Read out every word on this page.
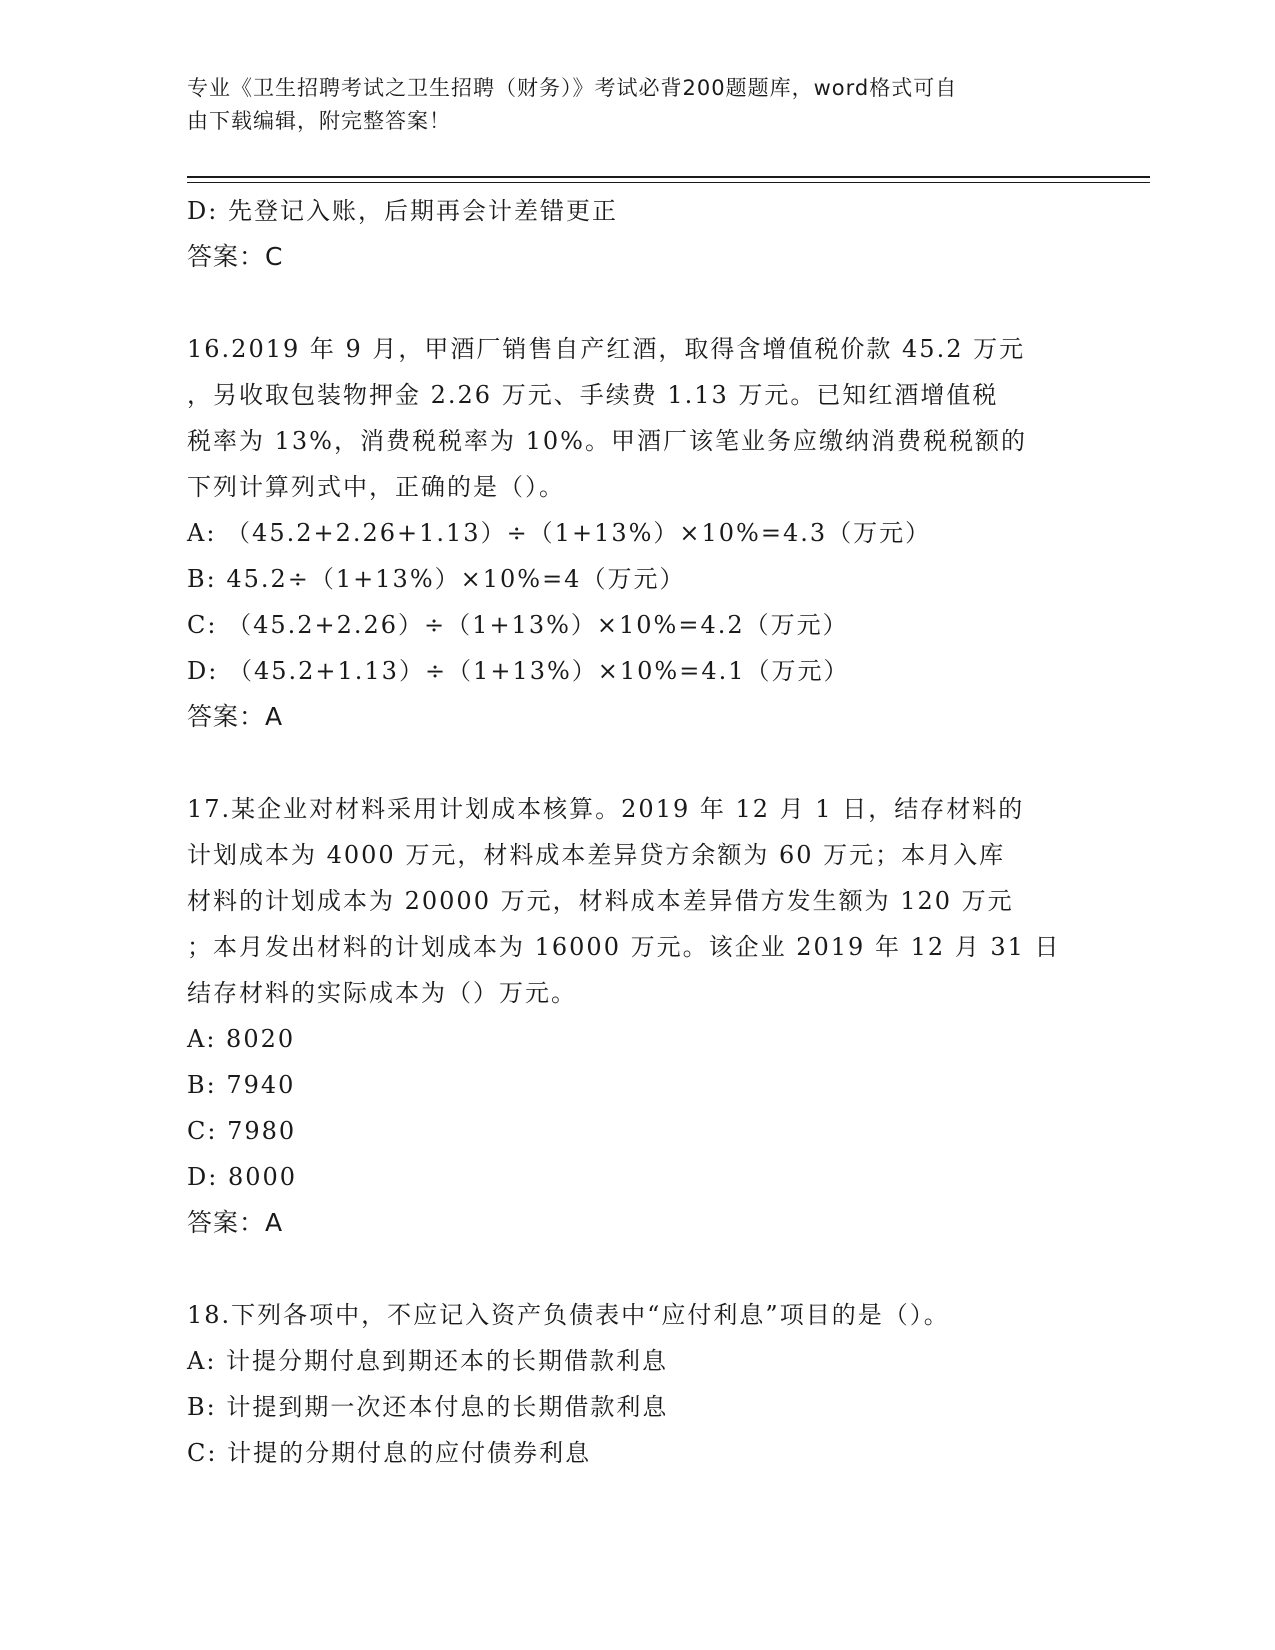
专业《卫生招聘考试之卫生招聘（财务）》考试必背200题题库，word格式可自
由下载编辑，附完整答案！
D: 先登记入账，后期再会计差错更正
答案：C
16.2019 年 9 月，甲酒厂销售自产红酒，取得含增值税价款 45.2 万元
，另收取包装物押金 2.26 万元、手续费 1.13 万元。已知红酒增值税
税率为 13%，消费税税率为 10%。甲酒厂该笔业务应缴纳消费税税额的
下列计算列式中，正确的是（）。
A: （45.2+2.26+1.13）÷（1+13%）×10%=4.3（万元）
B: 45.2÷（1+13%）×10%=4（万元）
C: （45.2+2.26）÷（1+13%）×10%=4.2（万元）
D: （45.2+1.13）÷（1+13%）×10%=4.1（万元）
答案：A
17.某企业对材料采用计划成本核算。2019 年 12 月 1 日，结存材料的
计划成本为 4000 万元，材料成本差异贷方余额为 60 万元；本月入库
材料的计划成本为 20000 万元，材料成本差异借方发生额为 120 万元
；本月发出材料的计划成本为 16000 万元。该企业 2019 年 12 月 31 日
结存材料的实际成本为（）万元。
A: 8020
B: 7940
C: 7980
D: 8000
答案：A
18.下列各项中，不应记入资产负债表中“应付利息”项目的是（）。
A: 计提分期付息到期还本的长期借款利息
B: 计提到期一次还本付息的长期借款利息
C: 计提的分期付息的应付债券利息
